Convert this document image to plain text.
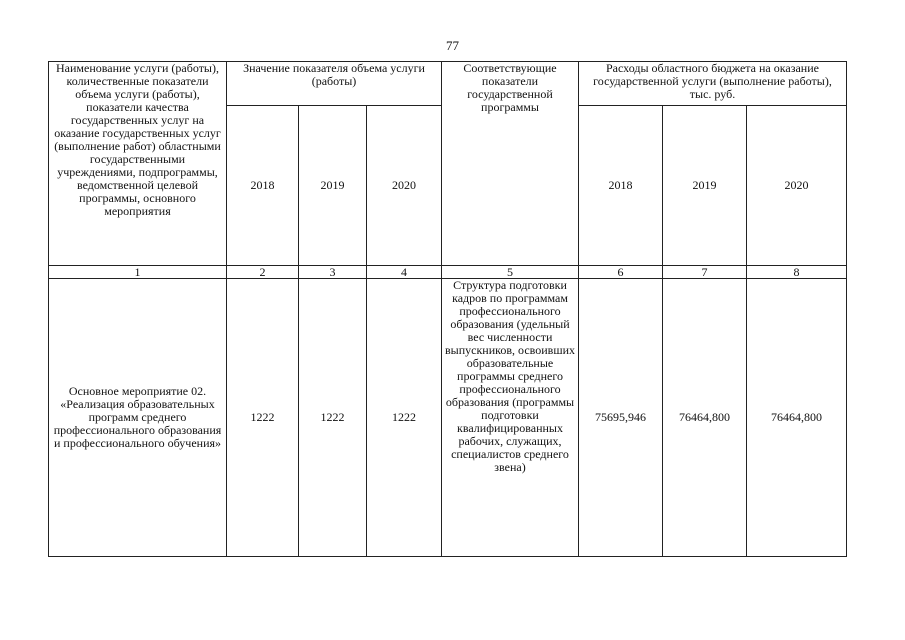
77
Наименование услуги (работы), количественные показатели объема услуги (работы), показатели качества государственных услуг на оказание государственных услуг (выполнение работ) областными государственными учреждениями, подпрограммы, ведомственной целевой программы, основного мероприятия	Значение показателя объема услуги (работы)			Соответствующие показатели государственной программы	Расходы областного бюджета на оказание государственной услуги (выполнение работы), тыс. руб.		
	2018	2019	2020		2018	2019	2020
1	2	3	4	5	6	7	8
Основное мероприятие 02. «Реализация образовательных программ среднего профессионального образования и профессионального обучения»	1222	1222	1222	Структура подготовки кадров по программам профессионального образования (удельный вес численности выпускников, освоивших образовательные программы среднего профессионального образования (программы подготовки квалифицированных рабочих, служащих, специалистов среднего звена)	75695,946	76464,800	76464,800
